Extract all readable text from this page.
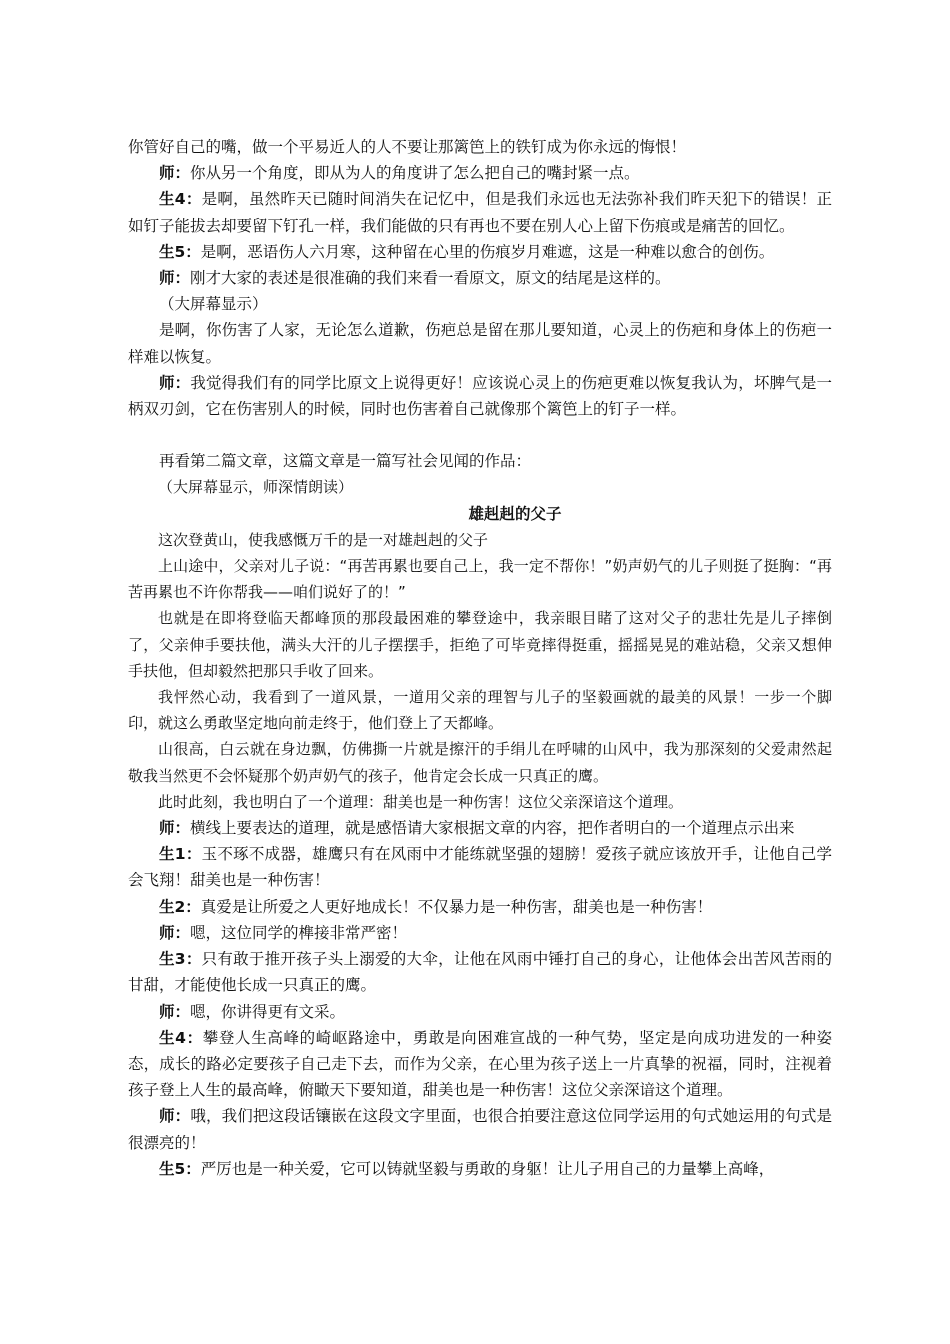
你管好自己的嘴，做一个平易近人的人不要让那篱笆上的铁钉成为你永远的悔恨！

师：你从另一个角度，即从为人的角度讲了怎么把自己的嘴封紧一点。

生4：是啊，虽然昨天已随时间消失在记忆中，但是我们永远也无法弥补我们昨天犯下的错误！正如钉子能拔去却要留下钉孔一样，我们能做的只有再也不要在别人心上留下伤痕或是痛苦的回忆。

生5：是啊，恶语伤人六月寒，这种留在心里的伤痕岁月难遮，这是一种难以愈合的创伤。

师：刚才大家的表述是很准确的我们来看一看原文，原文的结尾是这样的。

（大屏幕显示）

是啊，你伤害了人家，无论怎么道歉，伤疤总是留在那儿要知道，心灵上的伤疤和身体上的伤疤一样难以恢复。

师：我觉得我们有的同学比原文上说得更好！应该说心灵上的伤疤更难以恢复我认为，坏脾气是一柄双刃剑，它在伤害别人的时候，同时也伤害着自己就像那个篱笆上的钉子一样。

再看第二篇文章，这篇文章是一篇写社会见闻的作品：

（大屏幕显示，师深情朗读）

雄赳赳的父子

这次登黄山，使我感慨万千的是一对雄赳赳的父子

上山途中，父亲对儿子说：“再苦再累也要自己上，我一定不帮你！”奶声奶气的儿子则挺了挺胸：“再苦再累也不许你帮我——咱们说好了的！”

也就是在即将登临天都峰顶的那段最困难的攀登途中，我亲眼目睹了这对父子的悲壮先是儿子摔倒了，父亲伸手要扶他，满头大汗的儿子摆摆手，拒绝了可毕竟摔得挺重，摇摇晃晃的难站稳，父亲又想伸手扶他，但却毅然把那只手收了回来。

我怦然心动，我看到了一道风景，一道用父亲的理智与儿子的坚毅画就的最美的风景！一步一个脚印，就这么勇敢坚定地向前走终于，他们登上了天都峰。

山很高，白云就在身边飘，仿佛撕一片就是擦汗的手绢儿在呼啸的山风中，我为那深刻的父爱肃然起敬我当然更不会怀疑那个奶声奶气的孩子，他肯定会长成一只真正的鹰。

此时此刻，我也明白了一个道理：甜美也是一种伤害！这位父亲深谙这个道理。

师：横线上要表达的道理，就是感悟请大家根据文章的内容，把作者明白的一个道理点示出来

生1：玉不琢不成器，雄鹰只有在风雨中才能练就坚强的翅膀！爱孩子就应该放开手，让他自己学会飞翔！甜美也是一种伤害！

生2：真爱是让所爱之人更好地成长！不仅暴力是一种伤害，甜美也是一种伤害！

师：嗯，这位同学的榫接非常严密！

生3：只有敢于推开孩子头上溺爱的大伞，让他在风雨中锤打自己的身心，让他体会出苦风苦雨的甘甜，才能使他长成一只真正的鹰。

师：嗯，你讲得更有文采。

生4：攀登人生高峰的崎岖路途中，勇敢是向困难宣战的一种气势，坚定是向成功进发的一种姿态，成长的路必定要孩子自己走下去，而作为父亲，在心里为孩子送上一片真挚的祝福，同时，注视着孩子登上人生的最高峰，俯瞰天下要知道，甜美也是一种伤害！这位父亲深谙这个道理。

师：哦，我们把这段话镶嵌在这段文字里面，也很合拍要注意这位同学运用的句式她运用的句式是很漂亮的！

生5：严厉也是一种关爱，它可以铸就坚毅与勇敢的身躯！让儿子用自己的力量攀上高峰，
